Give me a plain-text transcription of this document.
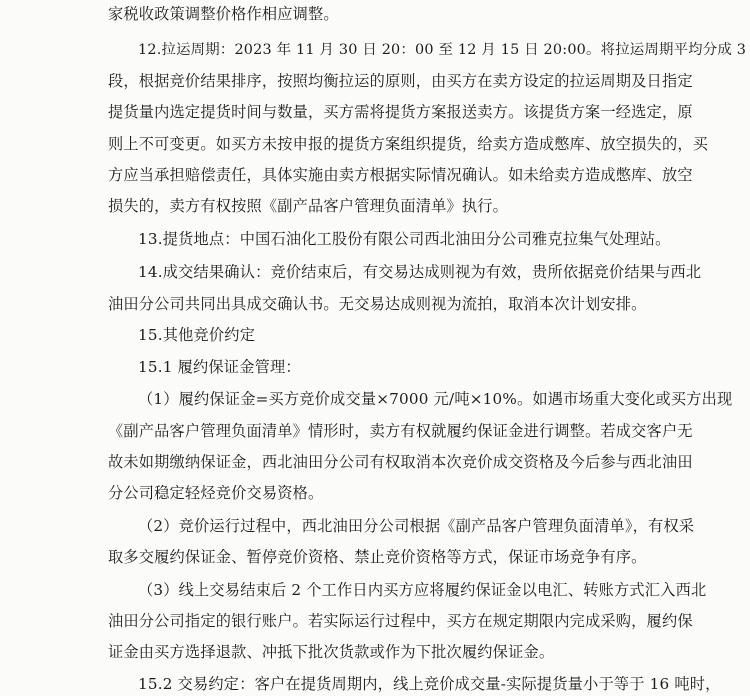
家税收政策调整价格作相应调整。
12.拉运周期：2023 年 11 月 30 日 20：00 至 12 月 15 日 20:00。将拉运周期平均分成 3
段，根据竞价结果排序，按照均衡拉运的原则，由买方在卖方设定的拉运周期及日指定
提货量内选定提货时间与数量，买方需将提货方案报送卖方。该提货方案一经选定，原
则上不可变更。如买方未按申报的提货方案组织提货，给卖方造成憋库、放空损失的，买
方应当承担赔偿责任，具体实施由卖方根据实际情况确认。如未给卖方造成憋库、放空
损失的，卖方有权按照《副产品客户管理负面清单》执行。
13.提货地点：中国石油化工股份有限公司西北油田分公司雅克拉集气处理站。
14.成交结果确认：竞价结束后，有交易达成则视为有效，贵所依据竞价结果与西北
油田分公司共同出具成交确认书。无交易达成则视为流拍，取消本次计划安排。
15.其他竞价约定
15.1 履约保证金管理：
（1）履约保证金=买方竞价成交量×7000 元/吨×10%。如遇市场重大变化或买方出现
《副产品客户管理负面清单》情形时，卖方有权就履约保证金进行调整。若成交客户无
故未如期缴纳保证金，西北油田分公司有权取消本次竞价成交资格及今后参与西北油田
分公司稳定轻烃竞价交易资格。
（2）竞价运行过程中，西北油田分公司根据《副产品客户管理负面清单》，有权采
取多交履约保证金、暂停竞价资格、禁止竞价资格等方式，保证市场竞争有序。
（3）线上交易结束后 2 个工作日内买方应将履约保证金以电汇、转账方式汇入西北
油田分公司指定的银行账户。若实际运行过程中，买方在规定期限内完成采购，履约保
证金由买方选择退款、冲抵下批次货款或作为下批次履约保证金。
15.2 交易约定：客户在提货周期内，线上竞价成交量-实际提货量小于等于 16 吨时，
